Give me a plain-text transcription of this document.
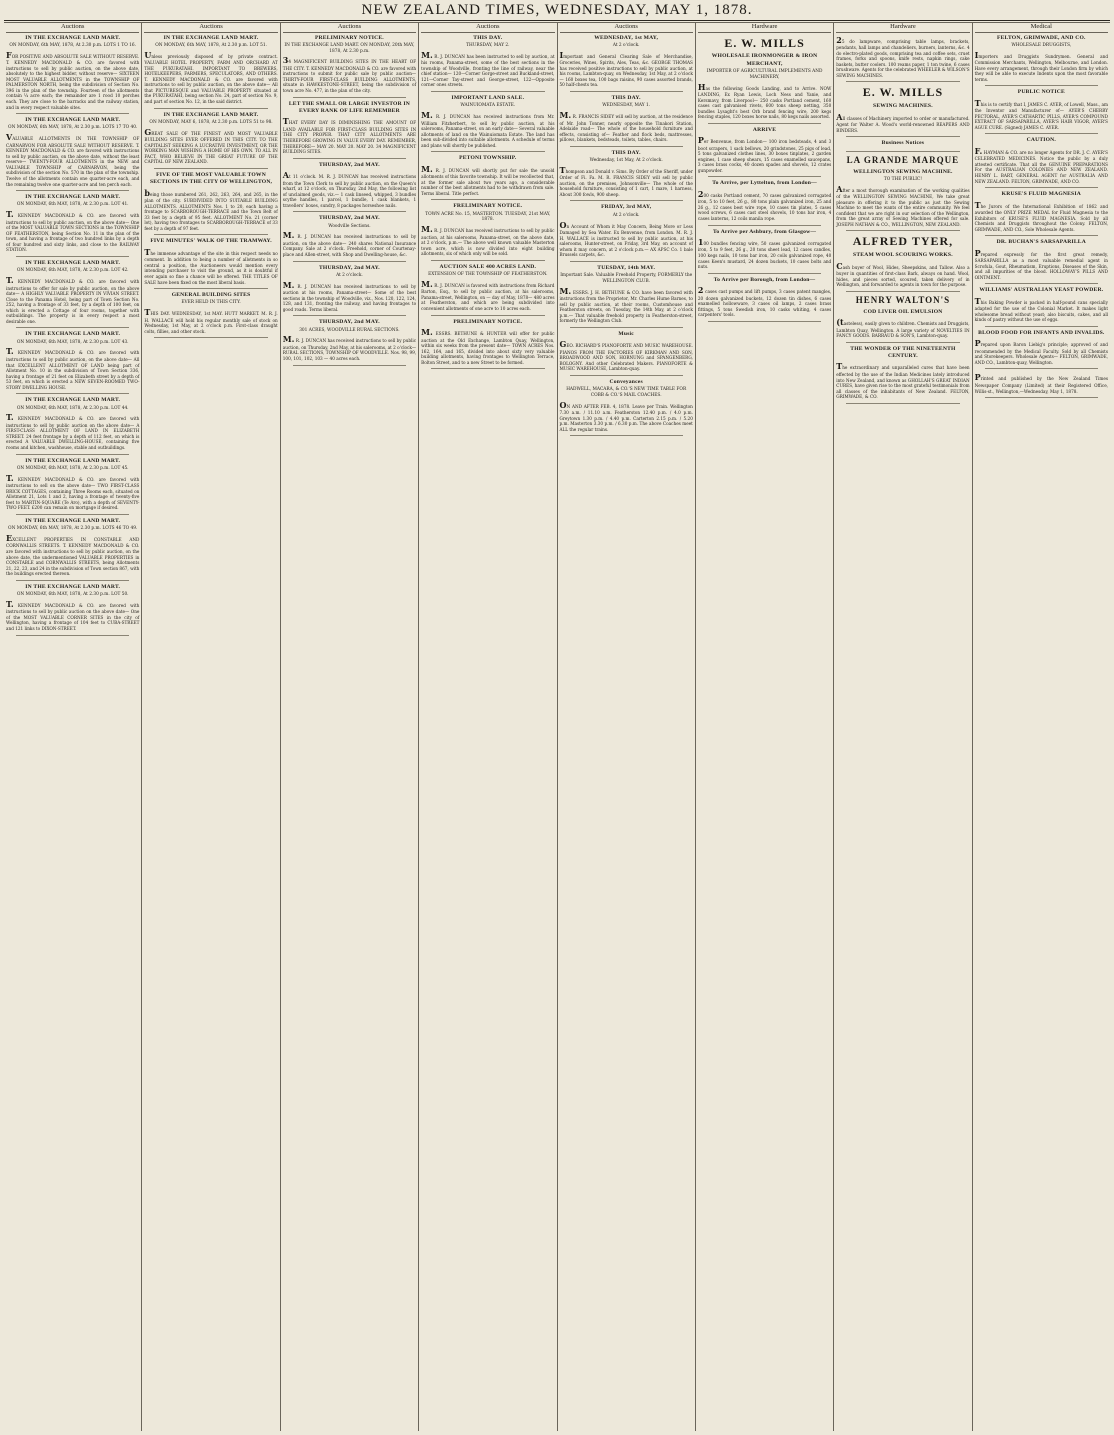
NEW ZEALAND TIMES, WEDNESDAY, MAY 1, 1878.
Auctions
IN THE EXCHANGE LAND MART.
ON MONDAY, 6th MAY, 1878, At 2.30 p.m. LOTS 1 TO 16.

FOR POSITIVE AND ABSOLUTE SALE WITHOUT RESERVE. T. KENNEDY MACDONALD & CO. are favored with instructions to sell by public auction, on the above date, absolutely to the highest bidder, without reserve— SIXTEEN MOST VALUABLE ALLOTMENTS in the TOWNSHIP OF PALMERSTON NORTH, being the subdivision of Section No. 396 in the plan of the township. Fourteen of the allotments contain ¼ acre each; the remainder are 1 rood 10 perches each. They are close to the barracks and the railway station, and in every respect valuable sites.

IN THE EXCHANGE LAND MART.
ON MONDAY, 6th MAY, 1878, At 2.30 p.m. LOTS 17 TO 40.

VALUABLE ALLOTMENTS IN THE TOWNSHIP OF CARNARVON FOR ABSOLUTE SALE WITHOUT RESERVE. T. KENNEDY MACDONALD & CO. are favored with instructions to sell by public auction, on the above date, without the least reserve— TWENTY-FOUR ALLOTMENTS in the NEW and VALUABLE TOWNSHIP of CARNARVON, being the subdivision of the section No. 570 in the plan of the township. Twelve of the allotments contain one quarter-acre each, and the remaining twelve one quarter-acre and ten perch each.

IN THE EXCHANGE LAND MART.
ON MONDAY, 6th MAY, 1878, At 2.30 p.m. LOT 41.

T. KENNEDY MACDONALD & CO. are favored with instructions to sell by public auction, on the above date— One of the MOST VALUABLE TOWN SECTIONS in the TOWNSHIP OF FEATHERSTON, being Section No. 11 in the plan of the town, and having a frontage of two hundred links by a depth of four hundred and sixty links, and close to the RAILWAY STATION.

IN THE EXCHANGE LAND MART.
ON MONDAY, 6th MAY, 1878, At 2.30 p.m. LOT 42.

T. KENNEDY MACDONALD & CO. are favored with instructions to offer for sale by public auction, on the above date— A HIGHLY VALUABLE PROPERTY IN VIVIAN STREET. Close to the Panama Hotel, being part of Town Section No. 252, having a frontage of 33 feet, by a depth of 100 feet, on which is erected a Cottage of four rooms, together with outbuildings. The property is in every respect a most desirable one.

IN THE EXCHANGE LAND MART.
ON MONDAY, 6th MAY, 1878, At 2.30 p.m. LOT 43.

T. KENNEDY MACDONALD & CO. are favored with instructions to sell by public auction, on the above date— All that EXCELLENT ALLOTMENT OF LAND being part of Allotment No. 10 in the subdivision of Town Section 336, having a frontage of 21 feet on Elizabeth street by a depth of 53 feet, on which is erected a NEW SEVEN-ROOMED TWO-STORY DWELLING HOUSE.

IN THE EXCHANGE LAND MART.
ON MONDAY, 6th MAY, 1878, At 2.30 p.m. LOT 44.

T. KENNEDY MACDONALD & CO. are favored with instructions to sell by public auction on the above date— A FIRST-CLASS ALLOTMENT OF LAND IN ELIZABETH STREET. 24 feet frontage by a depth of 112 feet, on which is erected A VALUABLE DWELLING-HOUSE, containing five rooms and kitchen, washhouse, stable and outbuildings.

IN THE EXCHANGE LAND MART.
ON MONDAY, 6th MAY, 1878, At 2.30 p.m. LOT 45.

T. KENNEDY MACDONALD & CO. are favored with instructions to sell on the above date— TWO FIRST-CLASS BRICK COTTAGES, containing Three Rooms each, situated on Allotment 21, Lots 1 and 2, having a frontage of twenty-five feet to MARTIN-SQUARE (Te Aro), with a depth of SEVENTY-TWO FEET. £200 can remain on mortgage if desired.

IN THE EXCHANGE LAND MART.
ON MONDAY, 6th MAY, 1878, At 2.30 p.m. LOTS 46 TO 49.

EXCELLENT PROPERTIES IN CONSTABLE AND CORNWALLIS STREETS. T. KENNEDY MACDONALD & CO. are favored with instructions to sell by public auction, on the above date, the undermentioned VALUABLE PROPERTIES in CONSTABLE and CORNWALLIS STREETS, being Allotments 21, 22, 23, and 24 in the subdivision of Town section 867, with the buildings erected thereon.

IN THE EXCHANGE LAND MART.
ON MONDAY, 6th MAY, 1878, At 2.30 p.m. LOT 50.

T. KENNEDY MACDONALD & CO. are favored with instructions to sell by public auction on the above date— One of the MOST VALUABLE CORNER SITES in the city of Wellington, having a frontage of 104 feet to CUBA-STREET and 121 links to DIXON-STREET.

Auctions
IN THE EXCHANGE LAND MART.
ON MONDAY, 6th MAY, 1878, At 2.30 p.m. LOT 51.

Unless previously disposed of by private contract. VALUABLE HOTEL PROPERTY, FARM AND ORCHARD AT THE PUKURATAHI. IMPORTANT TO BREWERS, HOTELKEEPERS, FARMERS, SPECULATORS, AND OTHERS. T. KENNEDY MACDONALD & CO. are favored with instructions to sell by public auction, on the above date— All that PICTURESQUE and VALUABLE PROPERTY situated at the PUKURATAHI, being section No. 24, part of section No. 9, and part of section No. 12, in the said district.

IN THE EXCHANGE LAND MART.
ON MONDAY, MAY 6, 1878, At 2.30 p.m. LOTS 51 to 98.

GREAT SALE OF THE FINEST AND MOST VALUABLE BUILDING SITES EVER OFFERED IN THIS CITY. TO THE CAPITALIST SEEKING A LUCRATIVE INVESTMENT, OR THE WORKING MAN WISHING A HOME OF HIS OWN. TO ALL IN FACT, WHO BELIEVE IN THE GREAT FUTURE OF THE CAPITAL OF NEW ZEALAND.

FIVE OF THE MOST VALUABLE TOWN SECTIONS IN THE CITY OF WELLINGTON,

being those numbered 261, 262, 263, 264, and 265, in the plan of the city. SUBDIVIDED INTO SUITABLE BUILDING ALLOTMENTS. ALLOTMENTS Nos. 1 to 20, each having a frontage to SCARBOROUGH-TERRACE and the Town Belt of 33 feet by a depth of 95 feet. ALLOTMENT No. 21 (corner lot), having two frontages to SCARBOROUGH-TERRACE of 33 feet by a depth of 97 feet.

FIVE MINUTES' WALK OF THE TRAMWAY.

The immense advantage of the site in this respect needs no comment. In addition to being a number of allotments in so central a position, the Auctioneers would mention every intending purchaser to visit the ground, as it is doubtful if ever again so fine a chance will be offered. THE TITLES OF SALE have been fixed on the most liberal basis.

GENERAL BUILDING SITES
EVER HELD IN THIS CITY.

THIS DAY. WEDNESDAY, 1st MAY. HUTT MARKET. M. R. J. H. WALLACE will hold his regular monthly sale of stock on Wednesday, 1st May, at 2 o'clock p.m. First-class draught colts, fillies, and other stock.

Auctions
PRELIMINARY NOTICE.
IN THE EXCHANGE LAND MART. ON MONDAY, 20th MAY, 1878, At 2.30 p.m.

34 MAGNIFICENT BUILDING SITES IN THE HEART OF THE CITY. T. KENNEDY MACDONALD & CO. are favored with instructions to submit for public sale by public auction— THIRTY-FOUR FIRST-CLASS BUILDING ALLOTMENTS, situate in HAWKESTONE-STREET, being the subdivision of town acre No. 477, in the plan of the city.

LET THE SMALL OR LARGE INVESTOR IN EVERY RANK OF LIFE REMEMBER

THAT EVERY DAY IS DIMINISHING THE AMOUNT OF LAND AVAILABLE FOR FIRST-CLASS BUILDING SITES IN THE CITY PROPER. THAT CITY ALLOTMENTS ARE THEREFORE GROWING IN VALUE EVERY DAY. REMEMBER, THEREFORE— MAY 20. MAY 20. MAY 20. 34 MAGNIFICENT BUILDING SITES.

THURSDAY, 2nd MAY.

At 11 o'clock. M. R. J. DUNCAN has received instructions from the Town Clerk to sell by public auction, on the Queen's wharf, at 12 o'clock, on Thursday, 2nd May, the following list of unclaimed goods, viz.— 1 cask linseed, whipped, 3 bundles scythe handles, 1 parcel, 1 bundle, 1 cask blankets, 1 travellers' boxes, sundry, 8 packages horseshoe nails.

THURSDAY, 2nd MAY.
Woodville Sections.

M. R. J. DUNCAN has received instructions to sell by auction, on the above date— 240 shares National Insurance Company. Sale at 2 o'clock. Freehold, corner of Courtenay-place and Allen-street, with Shop and Dwelling-house, &c.

THURSDAY, 2nd MAY.
At 2 o'clock.

M. R. J. DUNCAN has received instructions to sell by auction at his rooms, Panama-street— Some of the best sections in the township of Woodville, viz., Nos. 120, 122, 124, 128, and 131, fronting the railway, and having frontages to good roads. Terms liberal.

THURSDAY, 2nd MAY.
301 ACRES, WOODVILLE RURAL SECTIONS.

M. R. J. DUNCAN has received instructions to sell by public auction, on Thursday, 2nd May, at his salerooms, at 2 o'clock— RURAL SECTIONS, TOWNSHIP OF WOODVILLE. Nos. 98, 99, 100, 101, 102, 103 — 40 acres each.

Auctions
THIS DAY.
THURSDAY, MAY 2.

M. R. J. DUNCAN has been instructed to sell by auction, at his rooms, Panama-street, some of the best sections in the township of Woodville, fronting the line of railway, near the chief station— 120—Corner Gorge-street and Buckland-street, 121—Corner Tay-street and George-street, 122—Opposite corner ones streets.

IMPORTANT LAND SALE.
WAINUIOMATA ESTATE.

M. R. J. DUNCAN has received instructions from Mr. William Fitzherbert, to sell by public auction, at his salerooms, Panama-street, on an early date— Several valuable allotments of land on the Wainuiomata Estate. The land has been sub-divided into suitable allotments. A schedule of terms and plans will shortly be published.

PETONI TOWNSHIP.

M. R. J. DUNCAN will shortly put for sale the unsold allotments of this favorite township. It will be recollected that, at the former sale about two years ago, a considerable number of the best allotments had to be withdrawn from sale. Terms liberal. Title perfect.

FRELIMINARY NOTICE.
TOWN ACRE No. 15, MASTERTON. TUESDAY, 21st MAY, 1878.

M. R. J. DUNCAN has received instructions to sell by public auction, at his salerooms, Panama-street, on the above date, at 2 o'clock, p.m.— The above well known valuable Masterton town acre, which is now divided into eight building allotments, six of which only will be sold.

AUCTION SALE 400 ACRES LAND.
EXTENSION OF THE TOWNSHIP OF FEATHERSTON.

M. R. J. DUNCAN is favored with instructions from Richard Barton, Esq., to sell by public auction, at his salerooms, Panama-street, Wellington, on — day of May, 1878— 480 acres at Featherston, and which are being subdivided into convenient allotments of one acre to 10 acres each.

PRELIMINARY NOTICE.

M. ESSRS. BETHUNE & HUNTER will offer for public auction at the Old Exchange, Lambton Quay, Wellington, within six weeks from the present date— TOWN ACRES Nos. 162, 164, and 165, divided into about sixty very valuable building allotments, having frontages to Wellington Terrace, Bolton Street, and to a new Street to be formed.

Auctions
WEDNESDAY, 1st MAY,
At 2 o'clock.

Important and General Clearing Sale of Merchandise, Groceries, Wines, Spirits, Ales, Teas, &c. GEORGE THOMAS has received positive instructions to sell by public auction, at his rooms, Lambton-quay, on Wednesday, 1st May, at 2 o'clock— 160 boxes tea, 100 bags raisins, 90 cases assorted brands, 50 half-chests tea.

THIS DAY.
WEDNESDAY, MAY 1.

M. R. FRANCIS SIDEY will sell by auction, at the residence of Mr. John Tonner, nearly opposite the Tinakori Station, Adelaide road— The whole of the household furniture and effects, consisting of— Feather and flock beds, mattresses, pillows, blankets, bedsteads, toilets, tables, chairs.

THIS DAY.
Wednesday, 1st May, At 2 o'clock.

Thompson and Donald v. Sims. By Order of the Sheriff, under Order of Fi. Fa. M. R. FRANCIS SIDEY will sell by public auction, on the premises, Johnsonville— The whole of the household furniture, consisting of 1 cart, 1 mare, 1 harness, About 300 fowls, 900 sheep.

FRIDAY, 3rd MAY,
At 2 o'clock.

On Account of Whom it May Concern, Being More or Less Damaged by Sea Water. Ex Benvenue, from London. M. R. J. H. WALLACE is instructed to sell by public auction, at his salerooms, Hunter-street, on Friday, 3rd May, on account of whom it may concern, at 2 o'clock p.m.— AX APSC Co. 1 bale Brussels carpets, &c.

TUESDAY, 14th MAY.
Important Sale. Valuable Freehold Property, FORMERLY the WELLINGTON CLUB.

M. ESSRS. J. H. BETHUNE & CO. have been favored with instructions from the Proprietor, Mr. Charles Hume Barnes, to sell by public auction, at their rooms, Customhouse and Featherston streets, on Tuesday, the 14th May, at 2 o'clock p.m.— That valuable freehold property in Featherston-street, formerly the Wellington Club.

Music

GEO. RICHARD'S PIANOFORTE AND MUSIC WAREHOUSE. PIANOS FROM THE FACTORIES OF KIRKMAN AND SON, BROADWOOD AND SON, HORNUNG and SPANGENBERG, BOLOGNY. And other Celebrated Makers. PIANOFORTE & MUSIC WAREHOUSE, Lambton-quay.

Conveyances
HADWELL, MACARA, & CO.'S NEW TIME TABLE FOR COBB & CO.'S MAIL COACHES.

ON AND AFTER FEB. 4, 1878. Leave per Train. Wellington 7.30 a.m. / 11.10 a.m. Featherston 12.40 p.m. / 4.0 p.m. Greytown 1.30 p.m. / 4.40 p.m. Carterton 2.15 p.m. / 5.20 p.m. Masterton 3.30 p.m. / 6.30 p.m. The above Coaches meet ALL the regular trains.

Hardware
E. W. MILLS
WHOLESALE IRONMONGER & IRON MERCHANT,
IMPORTER OF AGRICULTURAL IMPLEMENTS AND MACHINERY,

Has the following Goods Landing, and to Arrive. NOW LANDING, Ex Ryan Lewis, Loch Ness and Yanie, and Kersmavy, from Liverpool— 250 casks Portland cement, 160 cases cast galvanised rivets, 600 tons sheep netting, 350 bundles Lysaght's best Orb brand fencing wire, 200 kegs fencing staples, 120 boxes horse nails, 80 kegs nails assorted.

ARRIVE

Per Benvenue, from London— 100 iron bedsteads, 4 and 3 boot scrapers, 1 sack bellows, 20 grindstones, 25 pigs of lead, 5 tons galvanized clothes lines, 30 boxes tinplates, 2 garden engines, 1 case sheep shears, 15 cases enamelled saucepans, 3 cases brass cocks, 40 dozen spades and shovels, 12 crates gunpowder.

To Arrive, per Lyttelton, from London—

200 casks Portland cement, 70 cases galvanized corrugated iron, 5 to 10 feet, 26 g., 80 tons plain galvanized iron, 25 and 26 g., 12 cases best wire rope, 10 cases tin plates, 5 cases wood screws, 6 cases cast steel shovels, 10 tons bar iron, 4 cases lanterns, 12 coils manila rope.

To Arrive per Ashbury, from Glasgow—

100 bundles fencing wire, 50 cases galvanized corrugated iron, 5 to 9 feet, 26 g., 20 tons sheet lead, 12 cases candles, 100 kegs nails, 10 tons bar iron, 20 coils galvanized rope, 40 cases Keen's mustard, 24 dozen buckets, 10 cases bolts and nuts.

To Arrive per Borough, from London—

2 cases cast pumps and lift pumps, 3 cases patent mangles, 20 dozen galvanized buckets, 12 dozen tin dishes, 6 cases enamelled hollowware, 3 cases oil lamps, 2 cases brass fittings, 5 tons Swedish iron, 10 casks whiting, 4 cases carpenters' tools.

Hardware

25 do lampware, comprising table lamps, brackets, pendants, hall lamps and chandeliers, burners, lanterns, &c. 4 do electro-plated goods, comprising tea and coffee sets, cruet frames, forks and spoons, knife rests, napkin rings, cake baskets, butter coolers. 100 reams paper, 1 ton twine, 6 cases brushware. Agents for the celebrated WHEELER & WILSON'S SEWING MACHINES.

E. W. MILLS
SEWING MACHINES.

All classes of Machinery imported to order or manufactured. Agent for Walter A. Wood's world-renowned REAPERS AND BINDERS.

Business Notices
LA GRANDE MARQUE
WELLINGTON SEWING MACHINE.
TO THE PUBLIC!

After a most thorough examination of the working qualities of the WELLINGTON SEWING MACHINE, We take great pleasure in offering it to the public as just the Sewing Machine to meet the wants of the entire community. We feel confident that we are right in our selection of the Wellington, from the great array of Sewing Machines offered for sale. JOSEPH NATHAN & CO., WELLINGTON, NEW ZEALAND.

ALFRED TYER,
STEAM WOOL SCOURING WORKS.

Cash buyer of Wool, Hides, Sheepskins, and Tallow. Also a buyer in quantities of first-class Bark, always on hand. Wool, hides, and pieces sorted, scoured, taken delivery of in Wellington, and forwarded to agents in town for the purpose.

HENRY WALTON'S
COD LIVER OIL EMULSION

(tasteless), easily given to children. Chemists and Druggists, Lambton Quay, Wellington. A large variety of NOVELTIES IN FANCY GOODS. BARRAUD & SON'S, Lambton-quay.

THE WONDER OF THE NINETEENTH CENTURY.

The extraordinary and unparalleled cures that have been effected by the use of the Indian Medicines lately introduced into New Zealand, and known as GHOLLAH'S GREAT INDIAN CURES, have given rise to the most grateful testimonials from all classes of the inhabitants of New Zealand. FELTON, GRIMWADE, & CO.

Medical
FELTON, GRIMWADE, AND CO.
WHOLESALE DRUGGISTS,

Importers and Druggists Sundrymen. General and Commission Merchants, Wellington, Melbourne, and London. Have every arrangement, through their London firm by which they will be able to execute Indents upon the most favorable terms.

PUBLIC NOTICE

This is to certify that I, JAMES C. AYER, of Lowell, Mass., am the Inventor and Manufacturer of— AYER'S CHERRY PECTORAL, AYER'S CATHARTIC PILLS, AYER'S COMPOUND EXTRACT OF SARSAPARILLA, AYER'S HAIR VIGOR, AYER'S AGUE CURE. (Signed) JAMES C. AYER.

CAUTION.

F. HAYMAN & CO. are no longer Agents for DR. J. C. AYER'S CELEBRATED MEDICINES. Notice the public by a duly attested certificate. That all the GENUINE PREPARATIONS For the AUSTRALIAN COLONIES AND NEW ZEALAND. HENRY L. BART, GENERAL AGENT for AUSTRALIA AND NEW ZEALAND. FELTON, GRIMWADE, AND CO.

KRUSE'S FLUID MAGNESIA

The Jurors of the International Exhibition of 1862 and awarded the ONLY PRIZE MEDAL for Fluid Magnesia to the Exhibitors of KRUSE'S FLUID MAGNESIA. Sold by all Chemists and Druggists throughout the Colony. FELTON, GRIMWADE, AND CO., Sole Wholesale Agents.

DR. BUCHAN'S SARSAPARILLA

Prepared expressly for the first great remedy, SARSAPARILLA as a most valuable remedial agent in Scrofula, Gout, Rheumatism, Eruptions, Diseases of the Skin, and all impurities of the blood. HOLLOWAY'S PILLS AND OINTMENT.

WILLIAMS' AUSTRALIAN YEAST POWDER.

This Baking Powder is packed in half-pound cans specially adapted for the use of the Colonial Market. It makes light wholesome bread without yeast; also biscuits, cakes, and all kinds of pastry without the use of eggs.

BLOOD FOOD FOR INFANTS AND INVALIDS.

Prepared upon Baron Liebig's principle; approved of and recommended by the Medical Faculty. Sold by all Chemists and Storekeepers. Wholesale Agents— FELTON, GRIMWADE, AND CO., Lambton-quay, Wellington.

Printed and published by the New Zealand Times Newspaper Company (Limited) at their Registered Office, Willis-st., Wellington,—Wednesday, May 1, 1878.
